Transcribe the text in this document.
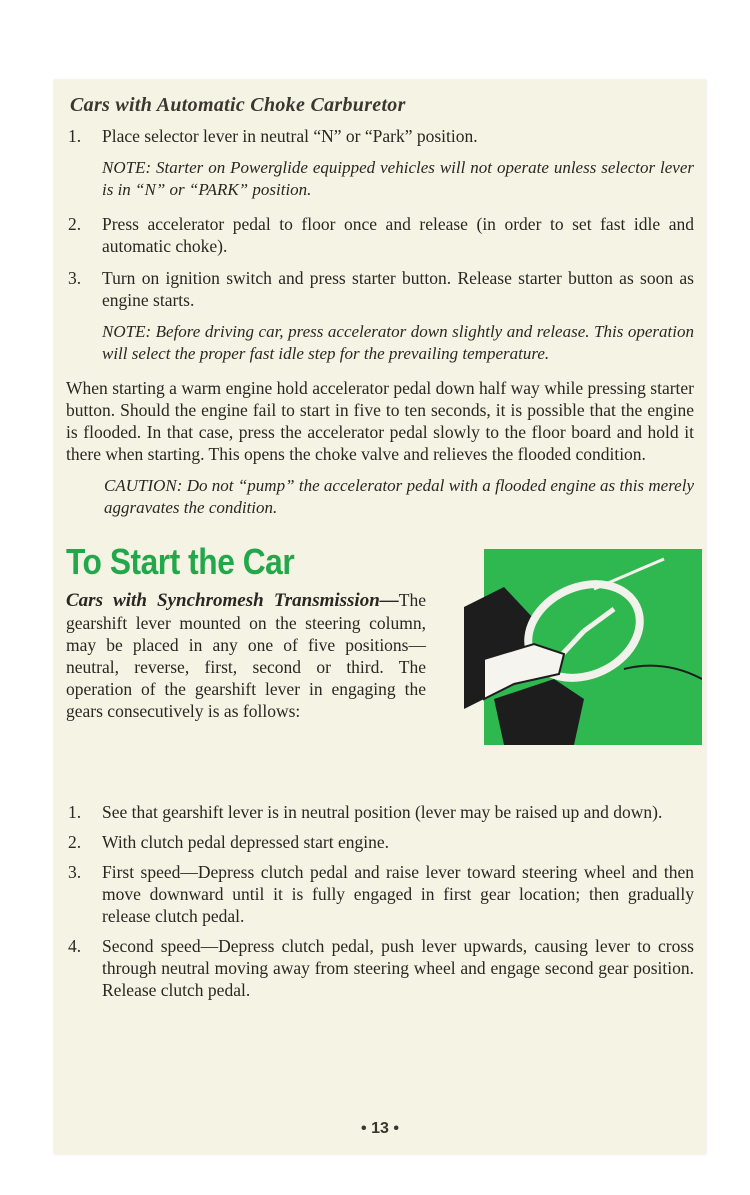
Cars with Automatic Choke Carburetor
1.	Place selector lever in neutral “N” or “Park” position.
NOTE: Starter on Powerglide equipped vehicles will not operate unless selector lever is in “N” or “PARK” position.
2.	Press accelerator pedal to floor once and release (in order to set fast idle and automatic choke).
3.	Turn on ignition switch and press starter button. Release starter button as soon as engine starts.
NOTE: Before driving car, press accelerator down slightly and release. This operation will select the proper fast idle step for the prevailing temperature.

When starting a warm engine hold accelerator pedal down half way while pressing starter button. Should the engine fail to start in five to ten seconds, it is possible that the engine is flooded. In that case, press the accelerator pedal slowly to the floor board and hold it there when starting. This opens the choke valve and relieves the flooded condition.

CAUTION: Do not “pump” the accelerator pedal with a flooded engine as this merely aggravates the condition.

To Start the Car
Cars with Synchromesh Transmission—The gearshift lever mounted on the steering column, may be placed in any one of five positions—neutral, reverse, first, second or third. The operation of the gearshift lever in engaging the gears consecutively is as follows:
1.	See that gearshift lever is in neutral position (lever may be raised up and down).
2.	With clutch pedal depressed start engine.
3.	First speed—Depress clutch pedal and raise lever toward steering wheel and then move downward until it is fully engaged in first gear location; then gradually release clutch pedal.
4.	Second speed—Depress clutch pedal, push lever upwards, causing lever to cross through neutral moving away from steering wheel and engage second gear position. Release clutch pedal.
• 13 •
